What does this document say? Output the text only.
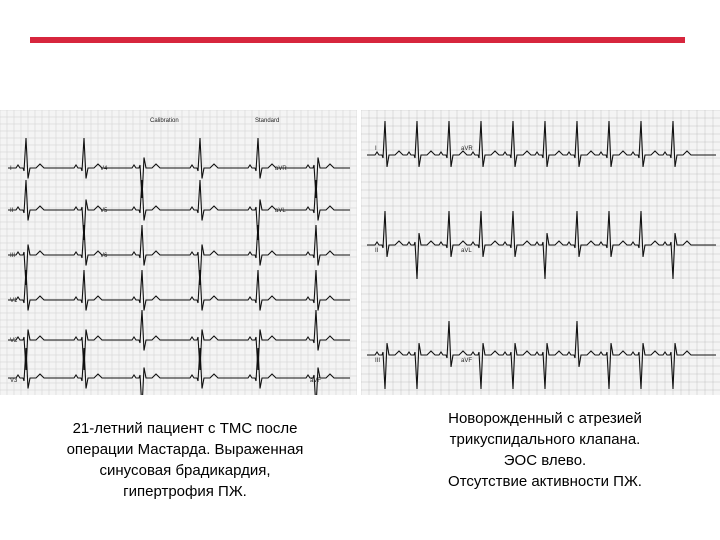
Calibration	Standard
I
II
III
V1
V2
V3
V4
V5
V6
aVR
aVL
aVF
I
II
III
aVR
aVL
aVF
21-летний пациент с ТМС после
операции Мастарда. Выраженная
синусовая брадикардия,
гипертрофия ПЖ.
Новорожденный с атрезией
трикуспидального клапана.
ЭОС влево.
Отсутствие активности ПЖ.
